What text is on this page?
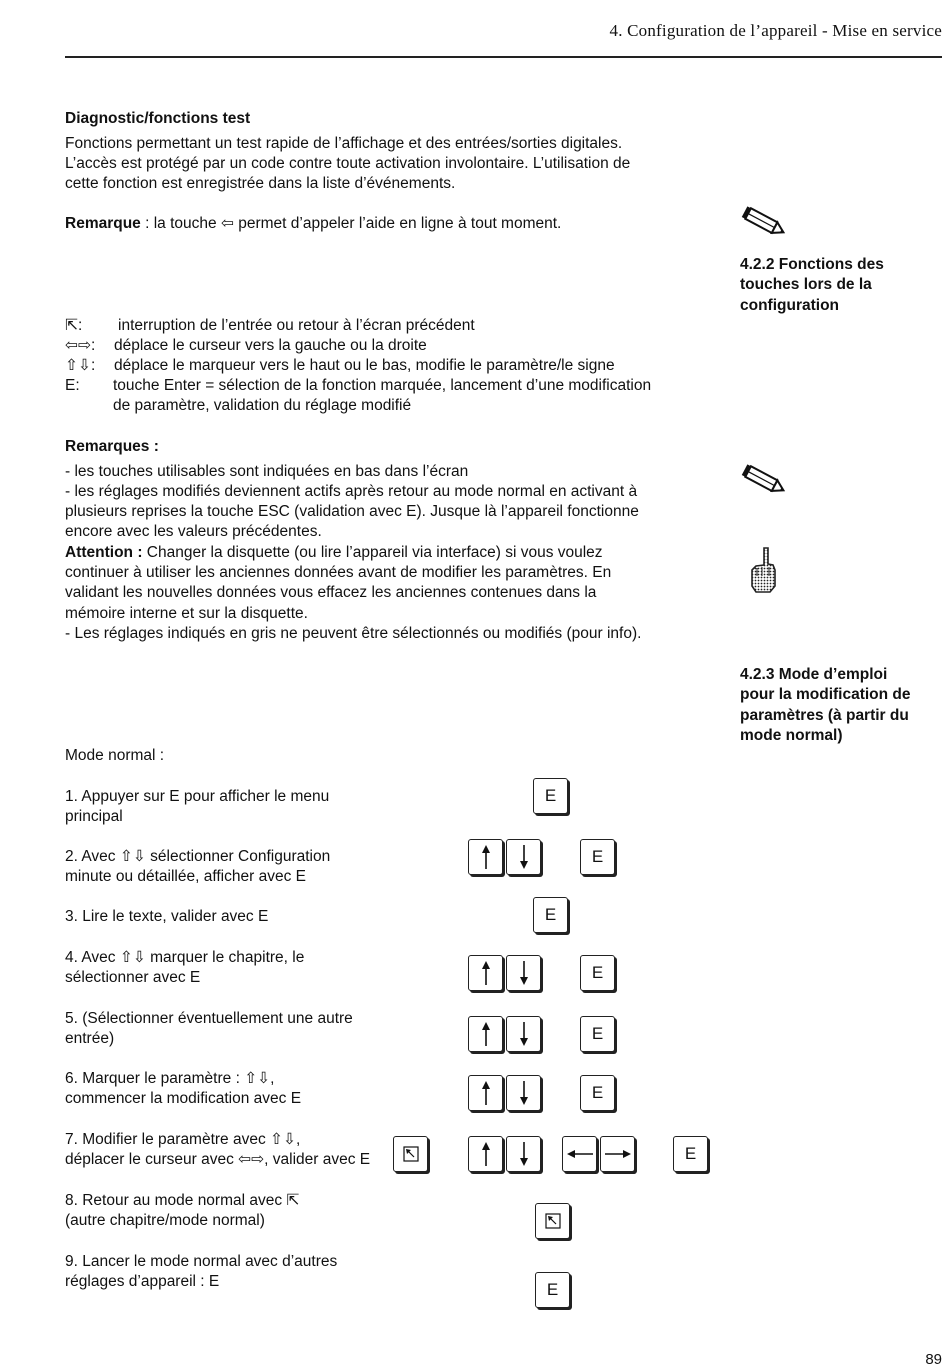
4. Configuration de l’appareil - Mise en service
Diagnostic/fonctions test
Fonctions permettant un test rapide de l’affichage et des entrées/sorties digitales.
L’accès est protégé par un code contre toute activation involontaire. L’utilisation de
cette fonction est enregistrée dans la liste d’événements.
Remarque : la touche ⇦ permet d’appeler l’aide en ligne à tout moment.
4.2.2 Fonctions des
touches lors de la
configuration
⇱: interruption de l’entrée ou retour à l’écran précédent
⇦⇨: déplace le curseur vers la gauche ou la droite
⇧⇩: déplace le marqueur vers le haut ou le bas, modifie le paramètre/le signe
E: touche Enter = sélection de la fonction marquée, lancement d’une modification
de paramètre, validation du réglage modifié
Remarques :
- les touches utilisables sont indiquées en bas dans l’écran
- les réglages modifiés deviennent actifs après retour au mode normal en activant à
plusieurs reprises la touche ESC (validation avec E). Jusque là l’appareil fonctionne
encore avec les valeurs précédentes.
Attention : Changer la disquette (ou lire l’appareil via interface) si vous voulez
continuer à utiliser les anciennes données avant de modifier les paramètres. En
validant les nouvelles données vous effacez les anciennes contenues dans la
mémoire interne et sur la disquette.
- Les réglages indiqués en gris ne peuvent être sélectionnés ou modifiés (pour info).
4.2.3 Mode d’emploi
pour la modification de
paramètres (à partir du
mode normal)
Mode normal :
1. Appuyer sur E pour afficher le menu
principal
2. Avec ⇧⇩ sélectionner Configuration
minute ou détaillée, afficher avec E
3. Lire le texte, valider avec E
4. Avec ⇧⇩ marquer le chapitre, le
sélectionner avec E
5. (Sélectionner éventuellement une autre
entrée)
6. Marquer le paramètre : ⇧⇩,
commencer la modification avec E
7. Modifier le paramètre avec ⇧⇩,
déplacer le curseur avec ⇦⇨, valider avec E
8. Retour au mode normal avec ⇱
(autre chapitre/mode normal)
9. Lancer le mode normal avec d’autres
réglages d’appareil : E
E
E
E
E
E
E
E
E
89
